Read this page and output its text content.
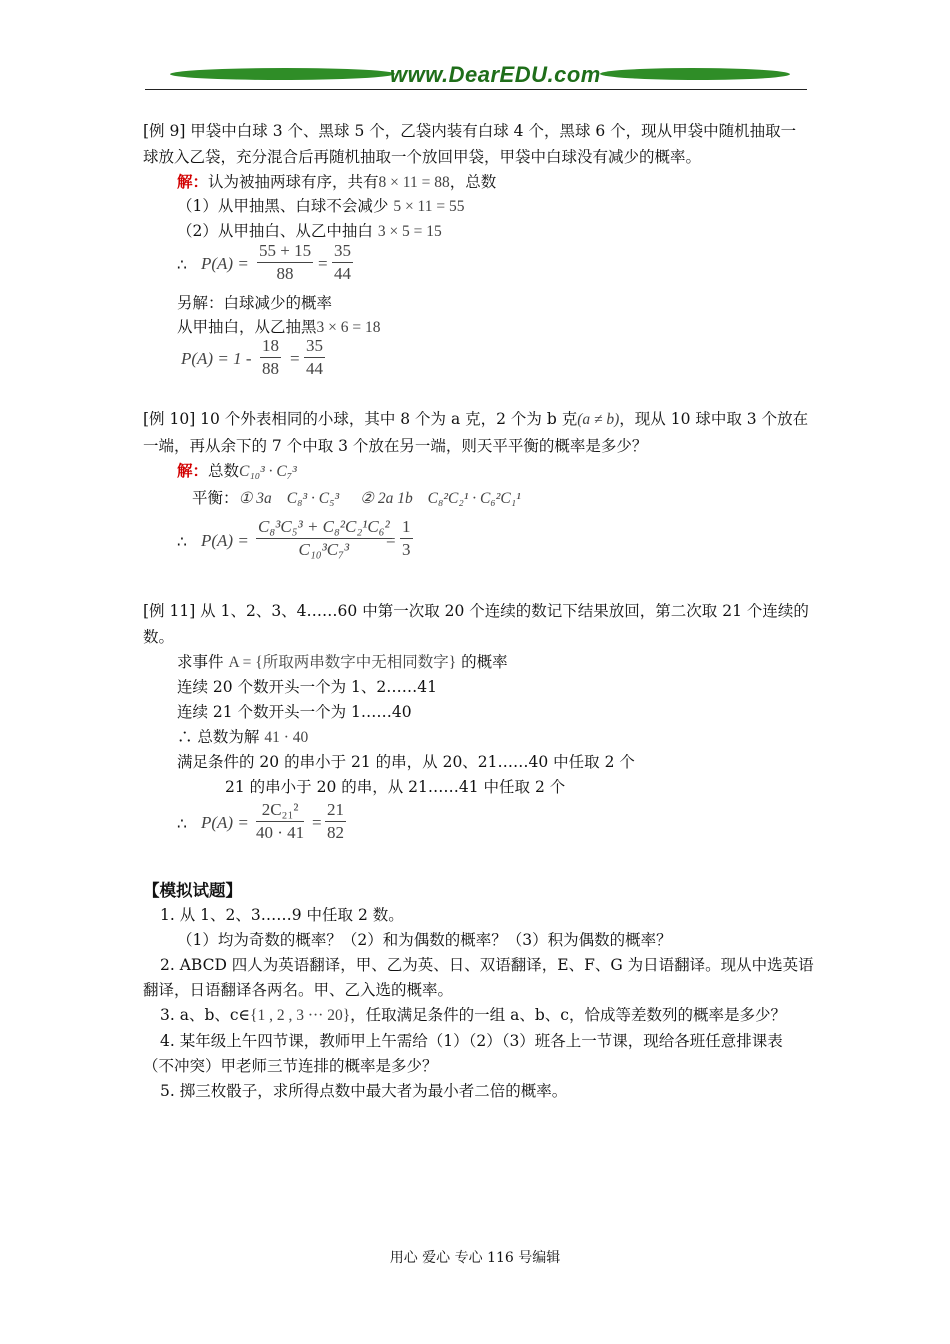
www.DearEDU.com
[例 9] 甲袋中白球 3 个、黑球 5 个，乙袋内装有白球 4 个，黑球 6 个，现从甲袋中随机抽取一
球放入乙袋，充分混合后再随机抽取一个放回甲袋，甲袋中白球没有减少的概率。
解：认为被抽两球有序，共有8 × 11 = 88，总数
（1）从甲抽黑、白球不会减少 5 × 11 = 55
（2）从甲抽白、从乙中抽白 3 × 5 = 15
∴ $P(A) = \frac{55 + 15}{88} = \frac{35}{44}$
另解：白球减少的概率
从甲抽白，从乙抽黑3 × 6 = 18
$P(A) = 1 - \frac{18}{88} = \frac{35}{44}$
[例 10] 10 个外表相同的小球，其中 8 个为 a 克，2 个为 b 克(a ≠ b)，现从 10 球中取 3 个放在
一端，再从余下的 7 个中取 3 个放在另一端，则天平平衡的概率是多少？
解：总数C₁₀³ · C₇³
平衡：① 3a C₈³ · C₅³ ② 2a 1b C₈²C₂¹ · C₆²C₁¹
∴ $P(A) = \frac{\text{C₈³C₅³ + C₈²C₂¹C₆²}}{\text{C₁₀³C₇³}}$
= $\frac{1}{3}$
[例 11] 从 1、2、3、4……60 中第一次取 20 个连续的数记下结果放回，第二次取 21 个连续的
数。
求事件 A = {所取两串数字中无相同数字} 的概率
连续 20 个数开头一个为 1、2……41
连续 21 个数开头一个为 1……40
∴ 总数为解 41 · 40
满足条件的 20 的串小于 21 的串，从 20、21……40 中任取 2 个
21 的串小于 20 的串，从 21……41 中任取 2 个
∴ $P(A) = \frac{\text{2C₂₁²}}{40 \cdot 41} = \frac{21}{82}$
【模拟试题】
1. 从 1、2、3……9 中任取 2 数。
（1）均为奇数的概率？（2）和为偶数的概率？（3）积为偶数的概率？
2. ABCD 四人为英语翻译，甲、乙为英、日、双语翻译，E、F、G 为日语翻译。现从中选英语
翻译，日语翻译各两名。甲、乙入选的概率。
3. a、b、c∈{1 , 2 , 3 ··· 20}，任取满足条件的一组 a、b、c，恰成等差数列的概率是多少？
4. 某年级上午四节课，教师甲上午需给（1）（2）（3）班各上一节课，现给各班任意排课表
（不冲突）甲老师三节连排的概率是多少？
5. 掷三枚骰子，求所得点数中最大者为最小者二倍的概率。
用心 爱心 专心 116 号编辑
